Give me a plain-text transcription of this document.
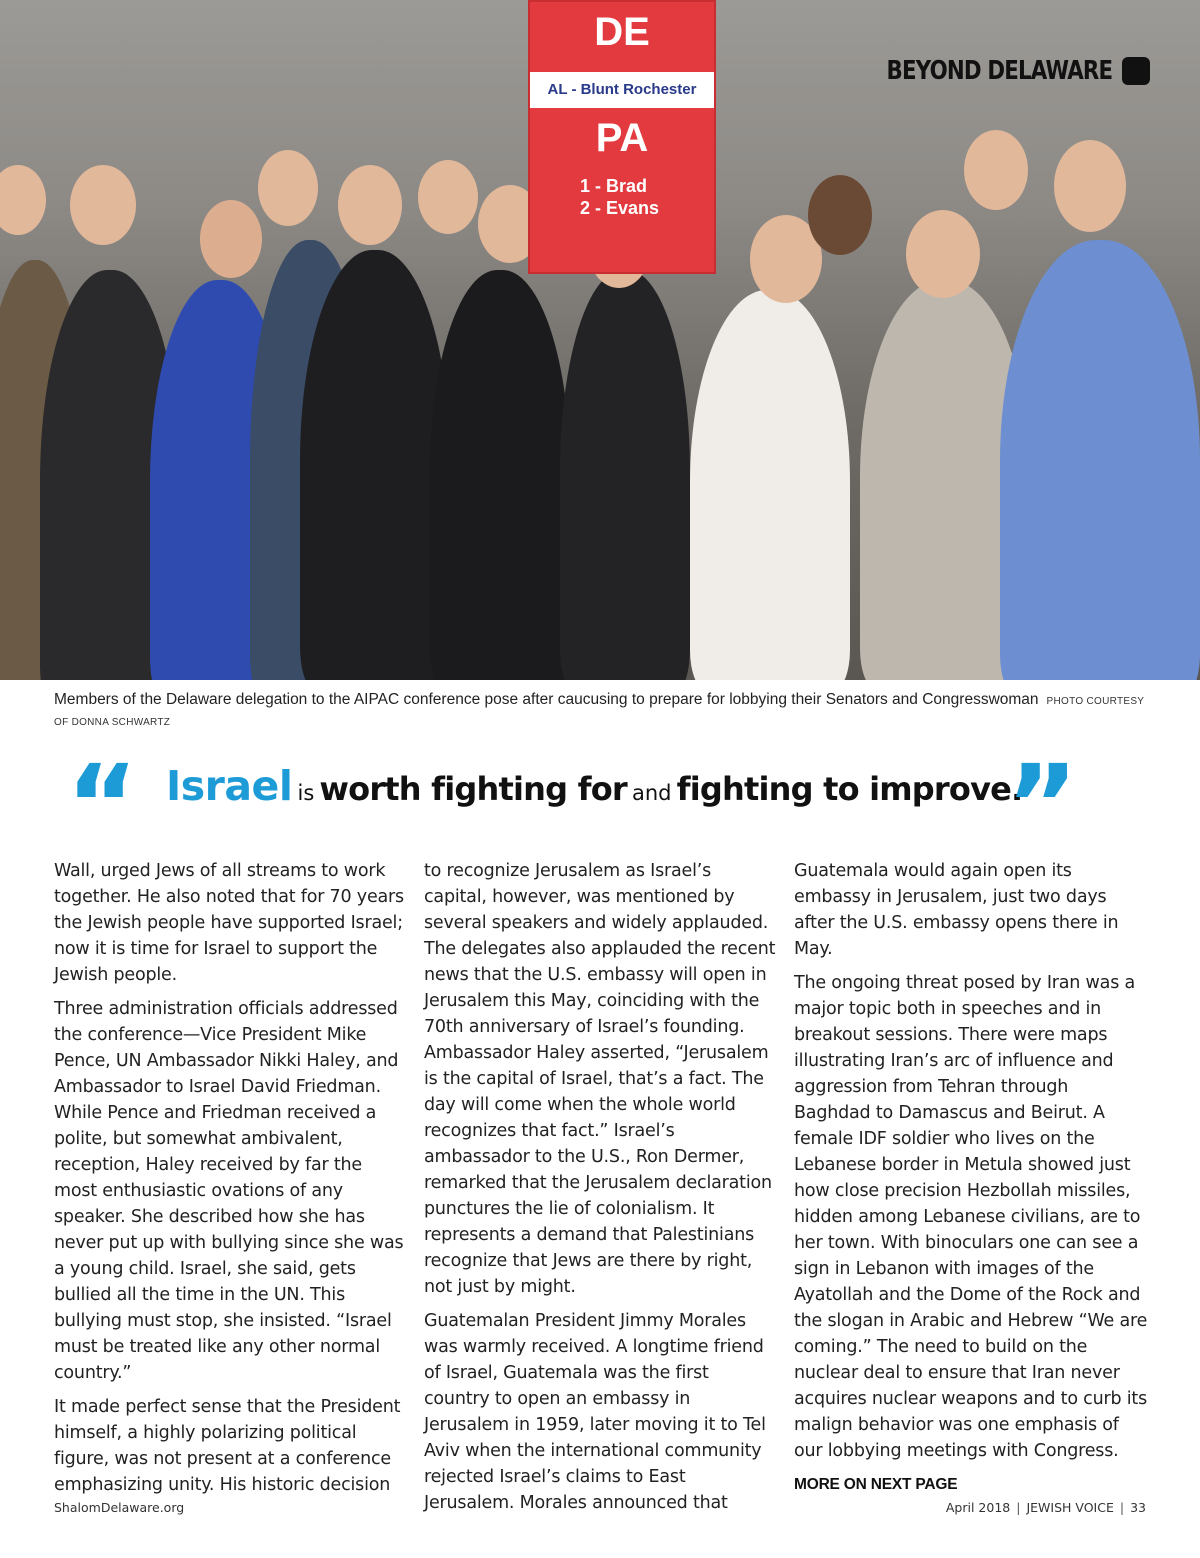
DE
AL - Blunt Rochester
PA
1 - Brad
2 - Evans
BEYOND DELAWARE
Members of the Delaware delegation to the AIPAC conference pose after caucusing to prepare for lobbying their Senators and Congresswoman PHOTO COURTESY OF DONNA SCHWARTZ
“ Israel is worth fighting for and fighting to improve.
”

Wall, urged Jews of all streams to work together. He also noted that for 70 years the Jewish people have supported Israel; now it is time for Israel to support the Jewish people.

Three administration officials addressed the conference—Vice President Mike Pence, UN Ambassador Nikki Haley, and Ambassador to Israel David Friedman. While Pence and Friedman received a polite, but somewhat ambivalent, reception, Haley received by far the most enthusiastic ovations of any speaker. She described how she has never put up with bullying since she was a young child. Israel, she said, gets bullied all the time in the UN. This bullying must stop, she insisted. “Israel must be treated like any other normal country.”

It made perfect sense that the President himself, a highly polarizing political figure, was not present at a conference emphasizing unity. His historic decision

to recognize Jerusalem as Israel’s capital, however, was mentioned by several speakers and widely applauded. The delegates also applauded the recent news that the U.S. embassy will open in Jerusalem this May, coinciding with the 70th anniversary of Israel’s founding. Ambassador Haley asserted, “Jerusalem is the capital of Israel, that’s a fact. The day will come when the whole world recognizes that fact.” Israel’s ambassador to the U.S., Ron Dermer, remarked that the Jerusalem declaration punctures the lie of colonialism. It represents a demand that Palestinians recognize that Jews are there by right, not just by might.

Guatemalan President Jimmy Morales was warmly received. A longtime friend of Israel, Guatemala was the first country to open an embassy in Jerusalem in 1959, later moving it to Tel Aviv when the international community rejected Israel’s claims to East Jerusalem. Morales announced that

Guatemala would again open its embassy in Jerusalem, just two days after the U.S. embassy opens there in May.

The ongoing threat posed by Iran was a major topic both in speeches and in breakout sessions. There were maps illustrating Iran’s arc of influence and aggression from Tehran through Baghdad to Damascus and Beirut. A female IDF soldier who lives on the Lebanese border in Metula showed just how close precision Hezbollah missiles, hidden among Lebanese civilians, are to her town. With binoculars one can see a sign in Lebanon with images of the Ayatollah and the Dome of the Rock and the slogan in Arabic and Hebrew “We are coming.” The need to build on the nuclear deal to ensure that Iran never acquires nuclear weapons and to curb its malign behavior was one emphasis of our lobbying meetings with Congress.

MORE ON NEXT PAGE
ShalomDelaware.org	April 2018 | JEWISH VOICE | 33
